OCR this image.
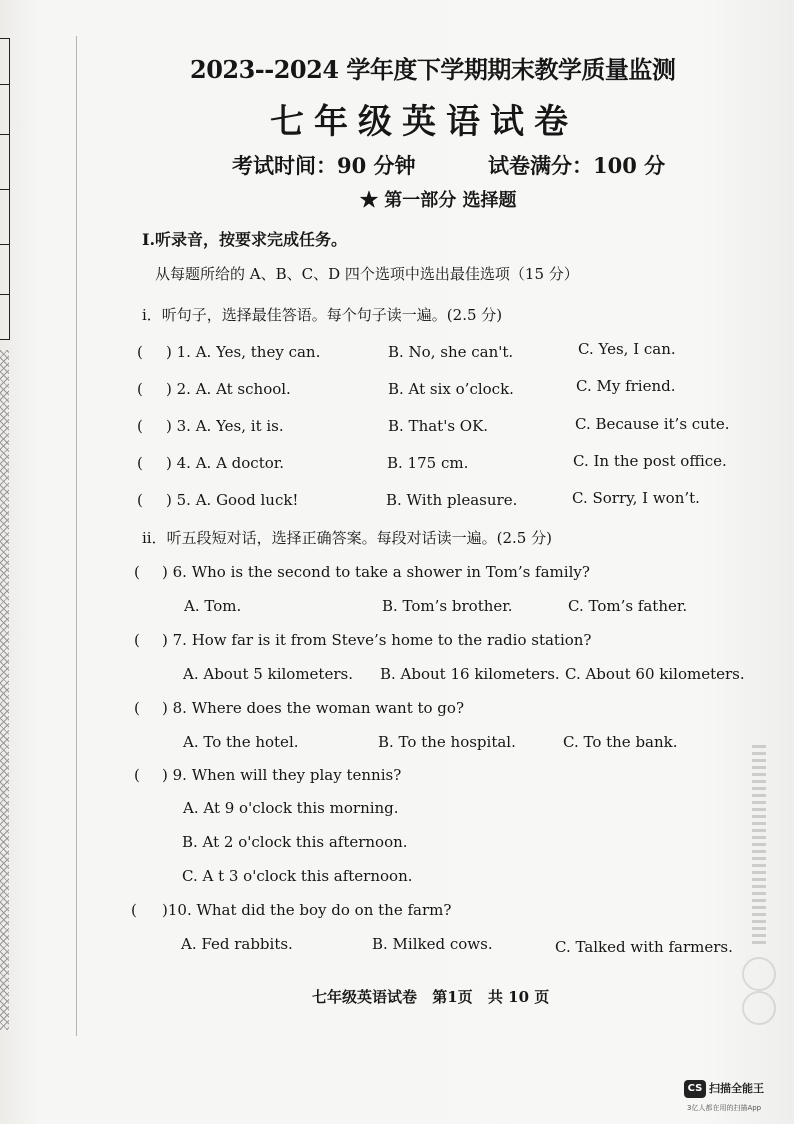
2023--2024 学年度下学期期末教学质量监测
七年级英语试卷
考试时间：90 分钟	试卷满分：100 分
★ 第一部分 选择题
Ⅰ.听录音，按要求完成任务。
从每题所给的 A、B、C、D 四个选项中选出最佳选项（15 分）
i．听句子，选择最佳答语。每个句子读一遍。(2.5 分)
( ) 1. A. Yes, they can.	B. No, she can't.	C. Yes, I can.
( ) 2. A. At school.	B. At six o’clock.	C. My friend.
( ) 3. A. Yes, it is.	B. That's OK.	C. Because it’s cute.
( ) 4. A. A doctor.	B. 175 cm.	C. In the post office.
( ) 5. A. Good luck!	B. With pleasure.	C. Sorry, I won’t.
ii．听五段短对话，选择正确答案。每段对话读一遍。(2.5 分)
( ) 6. Who is the second to take a shower in Tom’s family?
A. Tom.	B. Tom’s brother.	C. Tom’s father.
( ) 7. How far is it from Steve’s home to the radio station?
A. About 5 kilometers. B. About 16 kilometers. C. About 60 kilometers.
( ) 8. Where does the woman want to go?
A. To the hotel.	B. To the hospital.	C. To the bank.
( ) 9. When will they play tennis?
A. At 9 o'clock this morning.
B. At 2 o'clock this afternoon.
C. A t 3 o'clock this afternoon.
( )10. What did the boy do on the farm?
A. Fed rabbits.	B. Milked cows.	C. Talked with farmers.
七年级英语试卷 第1页 共 10 页
CS 扫描全能王
3亿人都在用的扫描App
